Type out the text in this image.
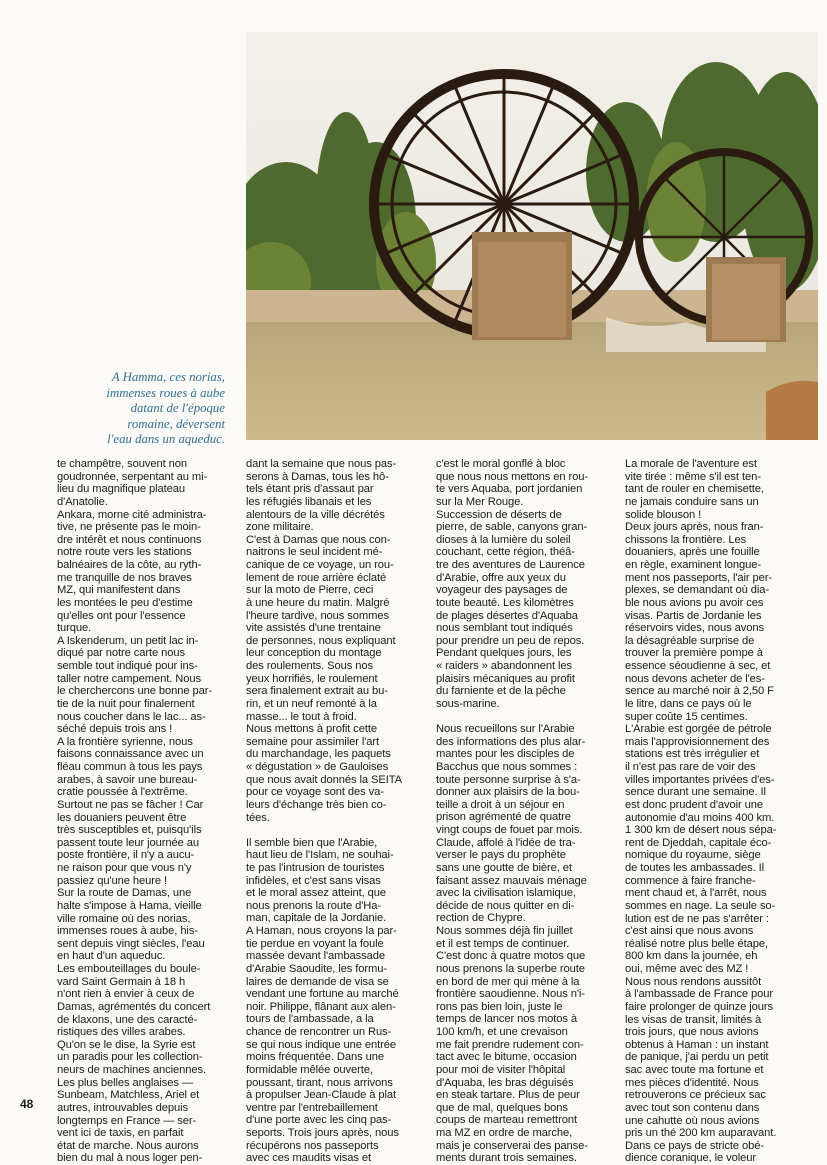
A Hamma, ces norias,
immenses roues à aube
datant de l'époque
romaine, déversent
l'eau dans un aqueduc.
te champêtre, souvent non
goudronnée, serpentant au mi-
lieu du magnifique plateau
d'Anatolie.
Ankara, morne cité administra-
tive, ne présente pas le moin-
dre intérêt et nous continuons
notre route vers les stations
balnéaires de la côte, au ryth-
me tranquille de nos braves
MZ, qui manifestent dans
les montées le peu d'estime
qu'elles ont pour l'essence
turque.
A Iskenderum, un petit lac in-
diqué par notre carte nous
semble tout indiqué pour ins-
taller notre campement. Nous
le cherchercons une bonne par-
tie de la nuit pour finalement
nous coucher dans le lac... as-
séché depuis trois ans !
A la frontière syrienne, nous
faisons connaissance avec un
fléau commun à tous les pays
arabes, à savoir une bureau-
cratie poussée à l'extrême.
Surtout ne pas se fâcher ! Car
les douaniers peuvent être
très susceptibles et, puisqu'ils
passent toute leur journée au
poste frontière, il n'y a aucu-
ne raison pour que vous n'y
passiez qu'une heure !
Sur la route de Damas, une
halte s'impose à Hama, vieille
ville romaine où des norias,
immenses roues à aube, his-
sent depuis vingt siècles, l'eau
en haut d'un aqueduc.
Les embouteillages du boule-
vard Saint Germain à 18 h
n'ont rien à envier à ceux de
Damas, agrémentés du concert
de klaxons, une des caracté-
ristiques des villes arabes.
Qu'on se le dise, la Syrie est
un paradis pour les collection-
neurs de machines anciennes.
Les plus belles anglaises —
Sunbeam, Matchless, Ariel et
autres, introuvables depuis
longtemps en France — ser-
vent ici de taxis, en parfait
état de marche. Nous aurons
bien du mal à nous loger pen-
dant la semaine que nous pas-
serons à Damas, tous les hô-
tels étant pris d'assaut par
les réfugiés libanais et les
alentours de la ville décrétés
zone militaire.
C'est à Damas que nous con-
naitrons le seul incident mé-
canique de ce voyage, un rou-
lement de roue arrière éclaté
sur la moto de Pierre, ceci
à une heure du matin. Malgré
l'heure tardive, nous sommes
vite assistés d'une trentaine
de personnes, nous expliquant
leur conception du montage
des roulements. Sous nos
yeux horrifiés, le roulement
sera finalement extrait au bu-
rin, et un neuf remonté à la
masse... le tout à froid.
Nous mettons à profit cette
semaine pour assimiler l'art
du marchandage, les paquets
« dégustation » de Gauloises
que nous avait donnés la SEITA
pour ce voyage sont des va-
leurs d'échange très bien co-
tées.
Il semble bien que l'Arabie,
haut lieu de l'Islam, ne souhai-
te pas l'intrusion de touristes
infidèles, et c'est sans visas
et le moral assez atteint, que
nous prenons la route d'Ha-
man, capitale de la Jordanie.
A Haman, nous croyons la par-
tie perdue en voyant la foule
massée devant l'ambassade
d'Arabie Saoudite, les formu-
laires de demande de visa se
vendant une fortune au marché
noir. Philippe, flânant aux alen-
tours de l'ambassade, a la
chance de rencontrer un Rus-
se qui nous indique une entrée
moins fréquentée. Dans une
formidable mêlée ouverte,
poussant, tirant, nous arrivons
à propulser Jean-Claude à plat
ventre par l'entrebaillement
d'une porte avec les cinq pas-
seports. Trois jours après, nous
récupérons nos passeports
avec ces maudits visas et
c'est le moral gonflé à bloc
que nous nous mettons en rou-
te vers Aquaba, port jordanien
sur la Mer Rouge.
Succession de déserts de
pierre, de sable, canyons gran-
dioses à la lumière du soleil
couchant, cette région, théâ-
tre des aventures de Laurence
d'Arabie, offre aux yeux du
voyageur des paysages de
toute beauté. Les kilomètres
de plages désertes d'Aquaba
nous semblant tout indiqués
pour prendre un peu de repos.
Pendant quelques jours, les
« raiders » abandonnent les
plaisirs mécaniques au profit
du farniente et de la pêche
sous-marine.
Nous recueillons sur l'Arabie
des informations des plus alar-
mantes pour les disciples de
Bacchus que nous sommes :
toute personne surprise à s'a-
donner aux plaisirs de la bou-
teille a droit à un séjour en
prison agrémenté de quatre
vingt coups de fouet par mois.
Claude, affolé à l'idée de tra-
verser le pays du prophète
sans une goutte de bière, et
faisant assez mauvais ménage
avec la civilisation islamique,
décide de nous quitter en di-
rection de Chypre.
Nous sommes déjà fin juillet
et il est temps de continuer.
C'est donc à quatre motos que
nous prenons la superbe route
en bord de mer qui mène à la
frontière saoudienne. Nous n'i-
rons pas bien loin, juste le
temps de lancer nos motos à
100 km/h, et une crevaison
me fait prendre rudement con-
tact avec le bitume, occasion
pour moi de visiter l'hôpital
d'Aquaba, les bras déguisés
en steak tartare. Plus de peur
que de mal, quelques bons
coups de marteau remettront
ma MZ en ordre de marche,
mais je conserverai des panse-
ments durant trois semaines.
La morale de l'aventure est
vite tirée : même s'il est ten-
tant de rouler en chemisette,
ne jamais conduire sans un
solide blouson !
Deux jours après, nous fran-
chissons la frontière. Les
douaniers, après une fouille
en règle, examinent longue-
ment nos passeports, l'air per-
plexes, se demandant où dia-
ble nous avions pu avoir ces
visas. Partis de Jordanie les
réservoirs vides, nous avons
la désagréable surprise de
trouver la première pompe à
essence séoudienne à sec, et
nous devons acheter de l'es-
sence au marché noir à 2,50 F
le litre, dans ce pays où le
super coûte 15 centimes.
L'Arabie est gorgée de pétrole
mais l'approvisionnement des
stations est très irrégulier et
il n'est pas rare de voir des
villes importantes privées d'es-
sence durant une semaine. Il
est donc prudent d'avoir une
autonomie d'au moins 400 km.
1 300 km de désert nous sépa-
rent de Djeddah, capitale éco-
nomique du royaume, siège
de toutes les ambassades. Il
commence à faire franche-
ment chaud et, à l'arrêt, nous
sommes en nage. La seule so-
lution est de ne pas s'arrêter :
c'est ainsi que nous avons
réalisé notre plus belle étape,
800 km dans la journée, eh
oui, même avec des MZ !
Nous nous rendons aussitôt
à l'ambassade de France pour
faire prolonger de quinze jours
les visas de transit, limités à
trois jours, que nous avions
obtenus à Haman : un instant
de panique, j'ai perdu un petit
sac avec toute ma fortune et
mes pièces d'identité. Nous
retrouverons ce précieux sac
avec tout son contenu dans
une cahutte où nous avions
pris un thé 200 km auparavant.
Dans ce pays de stricte obé-
dience coranique, le voleur
48
